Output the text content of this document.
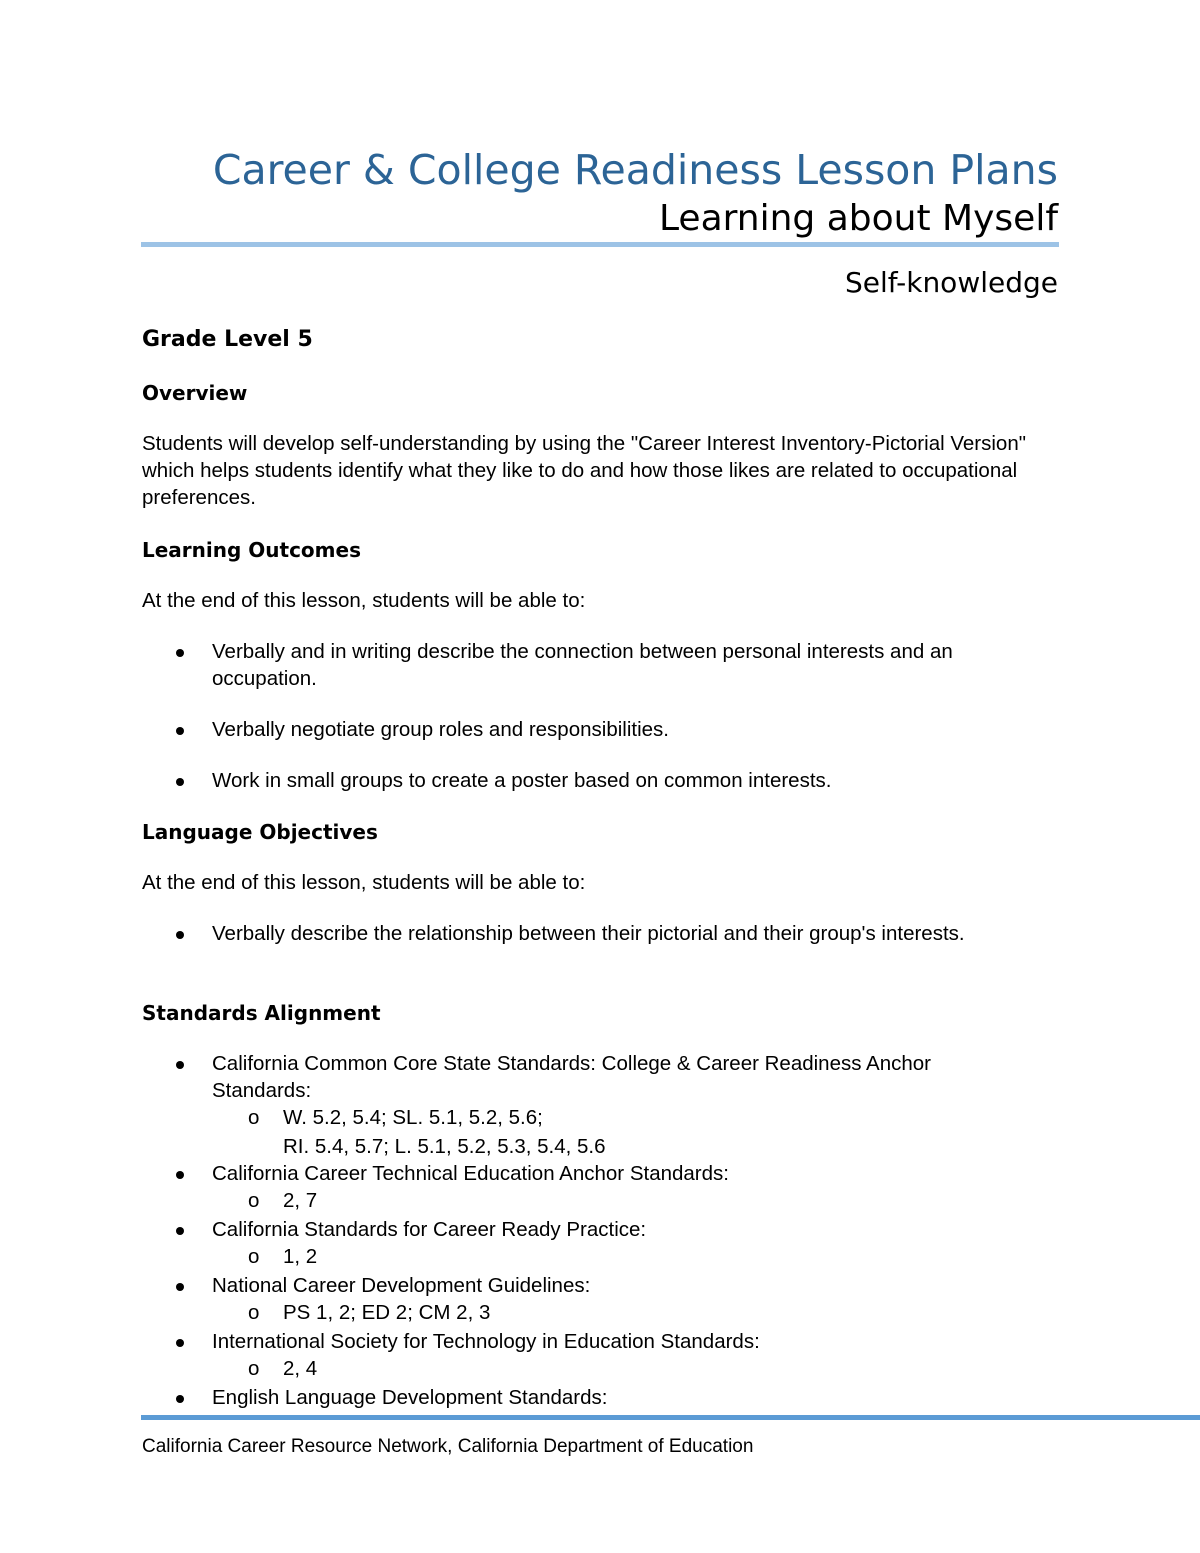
Career & College Readiness Lesson Plans
Learning about Myself
Self-knowledge
Grade Level 5
Overview

Students will develop self-understanding by using the "Career Interest Inventory-Pictorial Version" which helps students identify what they like to do and how those likes are related to occupational preferences.

Learning Outcomes

At the end of this lesson, students will be able to:

Verbally and in writing describe the connection between personal interests and an occupation.
Verbally negotiate group roles and responsibilities.
Work in small groups to create a poster based on common interests.
Language Objectives

At the end of this lesson, students will be able to:

Verbally describe the relationship between their pictorial and their group's interests.
Standards Alignment
California Common Core State Standards: College & Career Readiness Anchor Standards:
o W. 5.2, 5.4; SL. 5.1, 5.2, 5.6;
RI. 5.4, 5.7; L. 5.1, 5.2, 5.3, 5.4, 5.6
California Career Technical Education Anchor Standards:
o 2, 7
California Standards for Career Ready Practice:
o 1, 2
National Career Development Guidelines:
o PS 1, 2; ED 2; CM 2, 3
International Society for Technology in Education Standards:
o 2, 4
English Language Development Standards:
California Career Resource Network, California Department of Education
